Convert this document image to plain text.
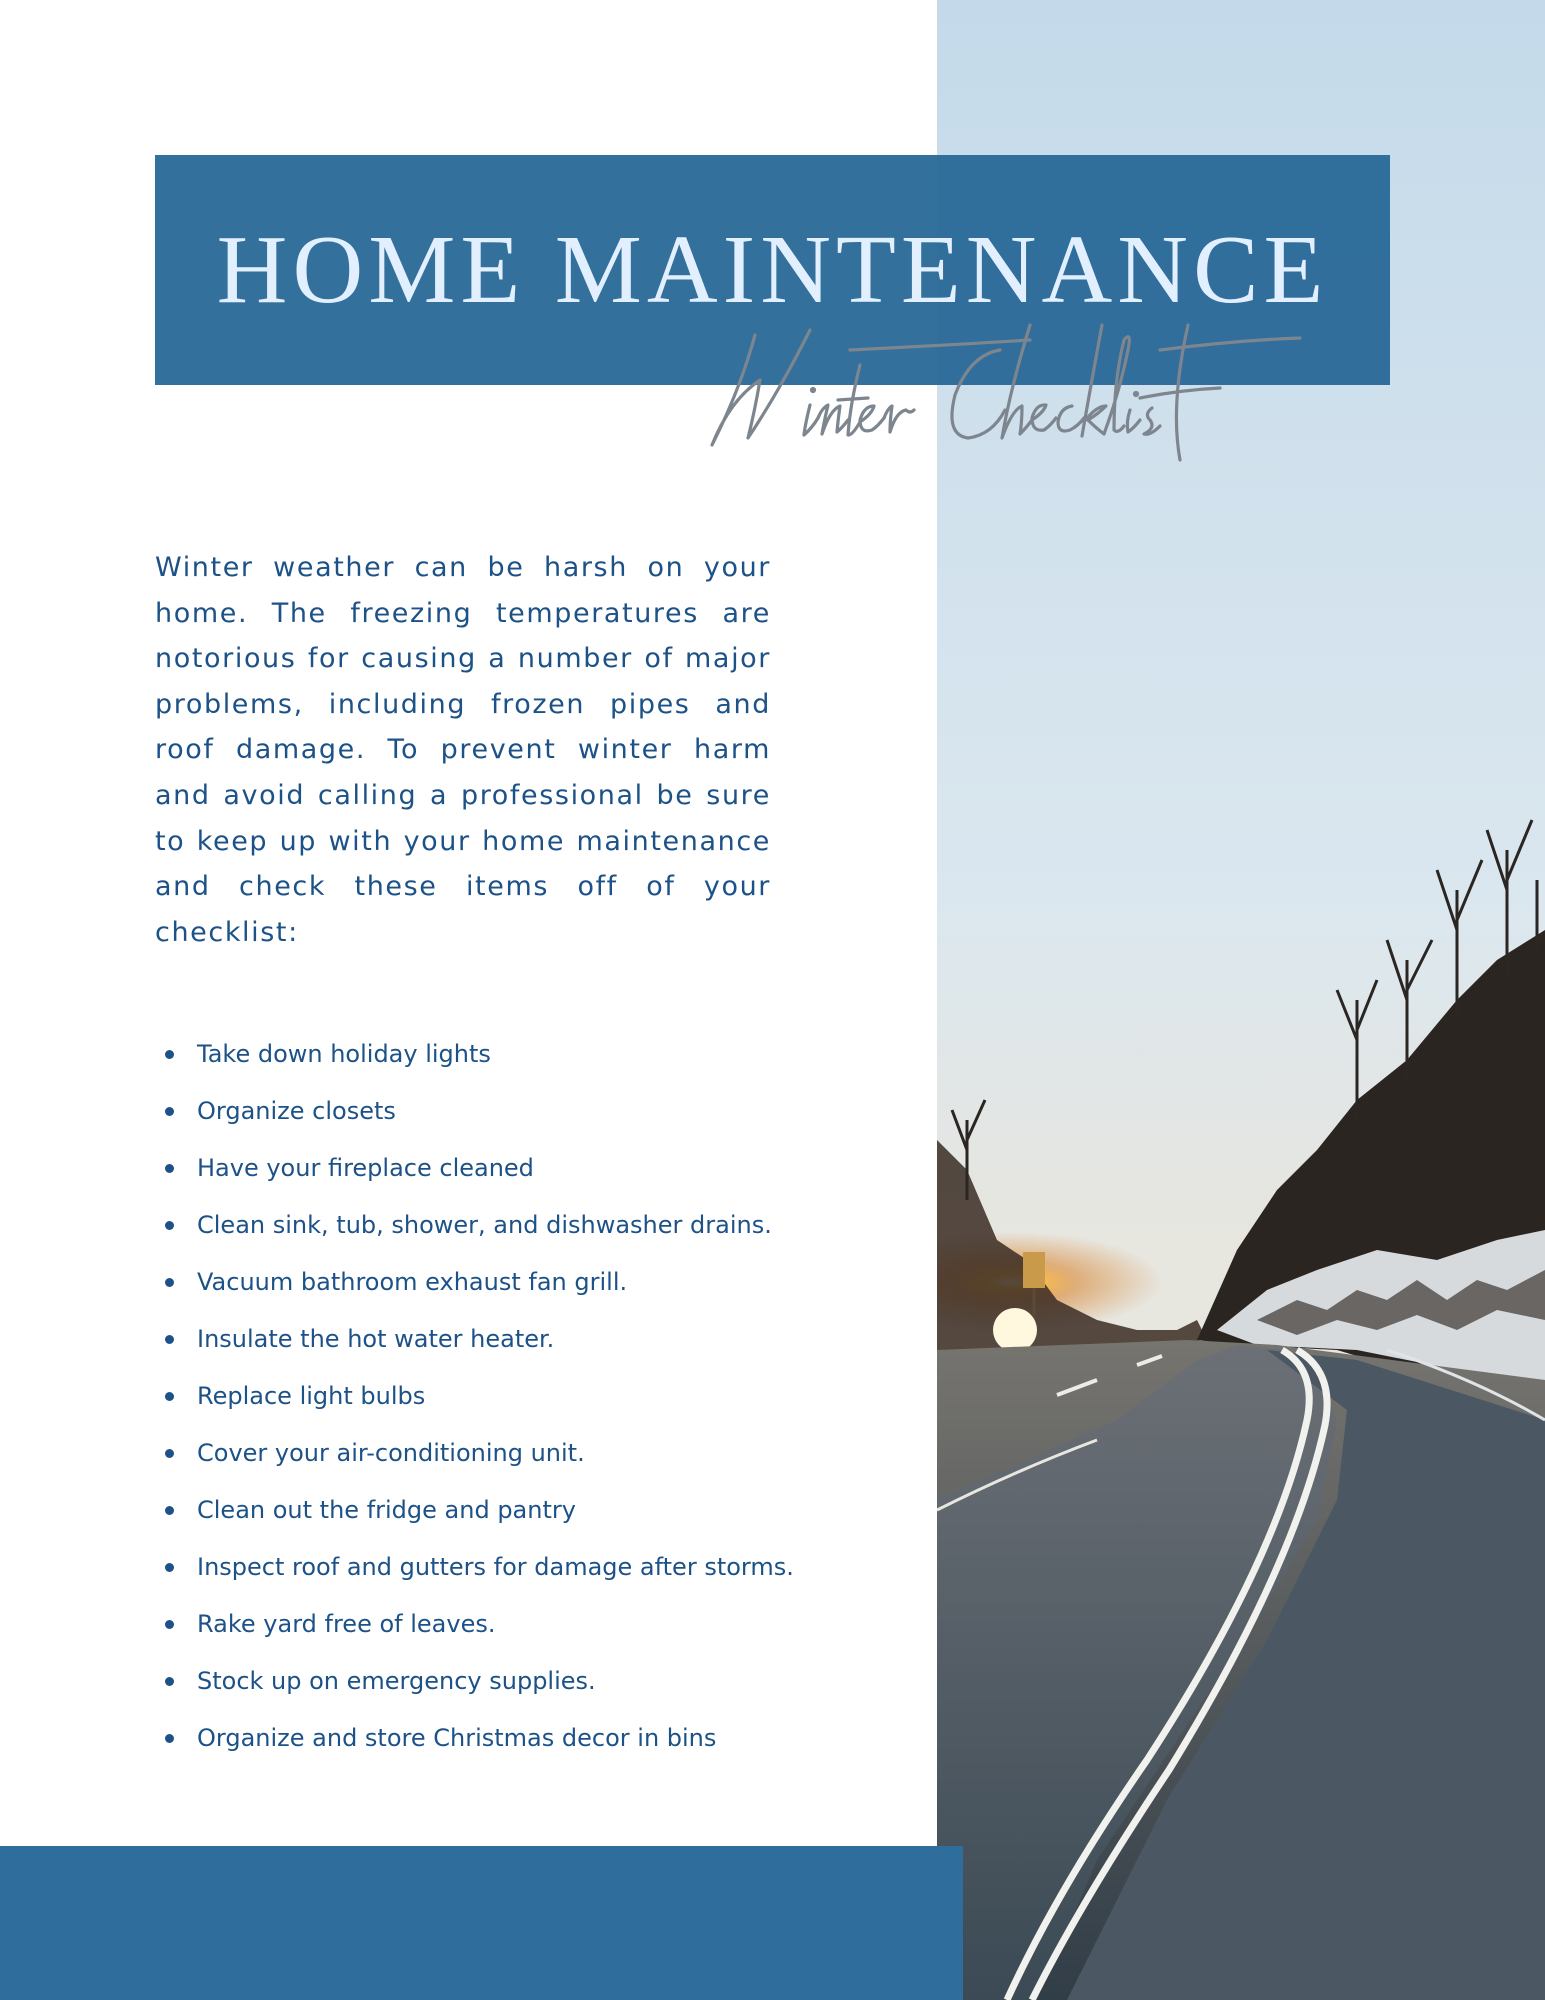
HOME MAINTENANCE

Winter weather can be harsh on your home. The freezing temperatures are notorious for causing a number of major problems, including frozen pipes and roof damage. To prevent winter harm and avoid calling a professional be sure to keep up with your home maintenance and check these items off of your checklist:

Take down holiday lights
Organize closets
Have your fireplace cleaned
Clean sink, tub, shower, and dishwasher drains.
Vacuum bathroom exhaust fan grill.
Insulate the hot water heater.
Replace light bulbs
Cover your air-conditioning unit.
Clean out the fridge and pantry
Inspect roof and gutters for damage after storms.
Rake yard free of leaves.
Stock up on emergency supplies.
Organize and store Christmas decor in bins
